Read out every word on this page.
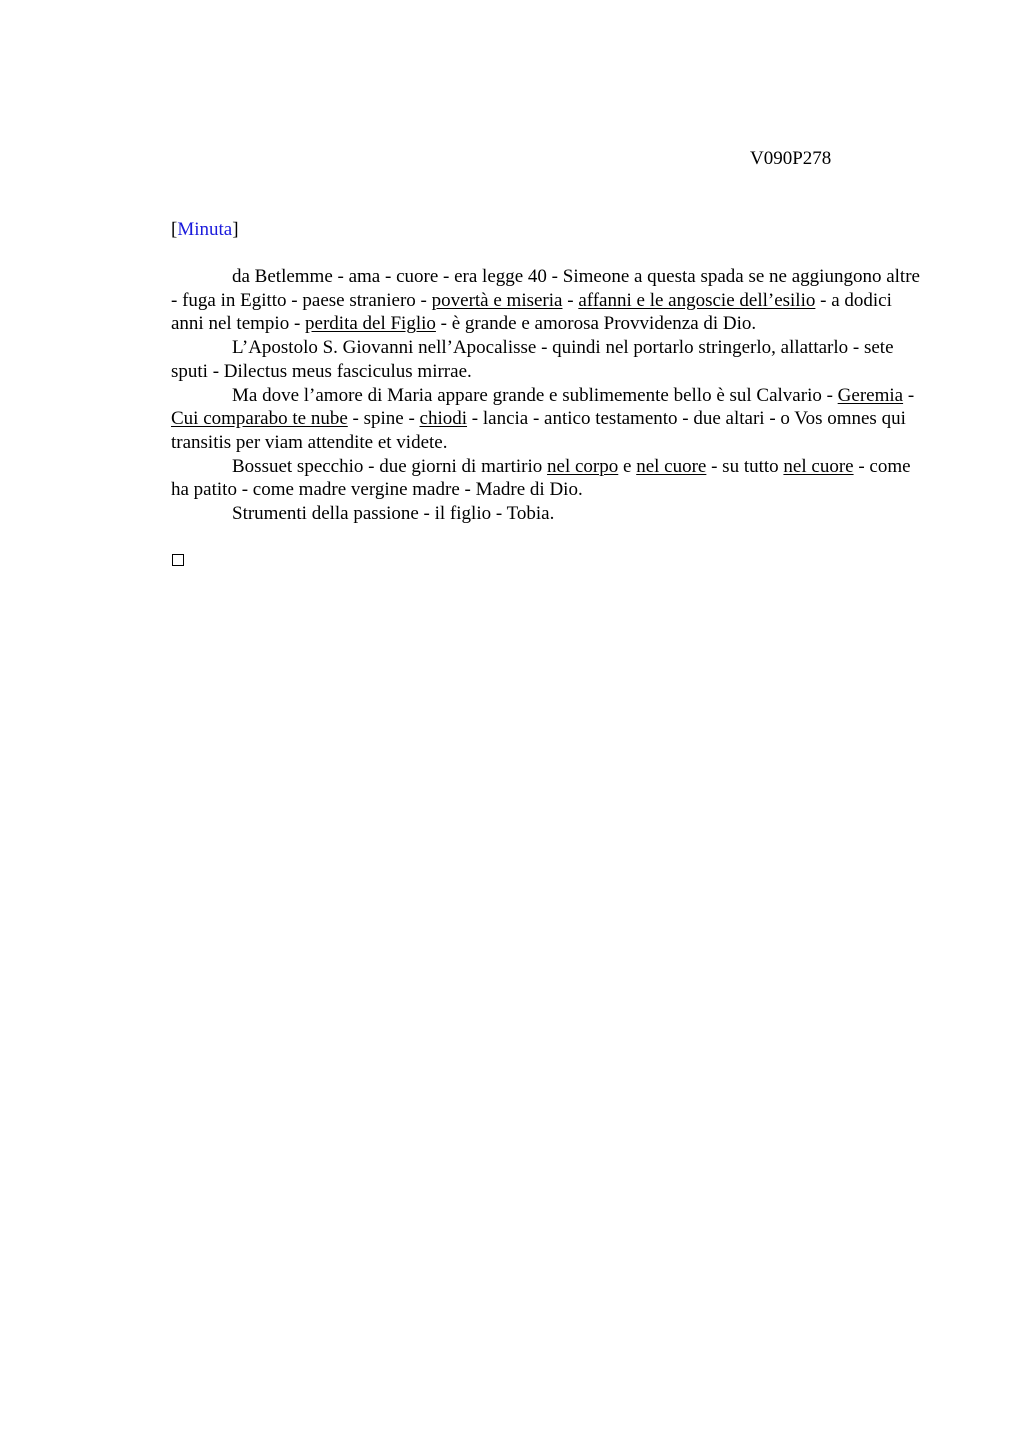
V090P278
[Minuta]

da Betlemme - ama - cuore - era legge 40 - Simeone a questa spada se ne aggiungono altre - fuga in Egitto - paese straniero - povertà e miseria - affanni e le angoscie dell’esilio - a dodici anni nel tempio - perdita del Figlio - è grande e amorosa Provvidenza di Dio.

L’Apostolo S. Giovanni nell’Apocalisse - quindi nel portarlo stringerlo, allattarlo - sete sputi - Dilectus meus fasciculus mirrae.

Ma dove l’amore di Maria appare grande e sublimemente bello è sul Calvario - Geremia - Cui comparabo te nube - spine - chiodi - lancia - antico testamento - due altari - o Vos omnes qui transitis per viam attendite et videte.

Bossuet specchio - due giorni di martirio nel corpo e nel cuore - su tutto nel cuore - come ha patito - come madre vergine madre - Madre di Dio.

Strumenti della passione - il figlio - Tobia.
